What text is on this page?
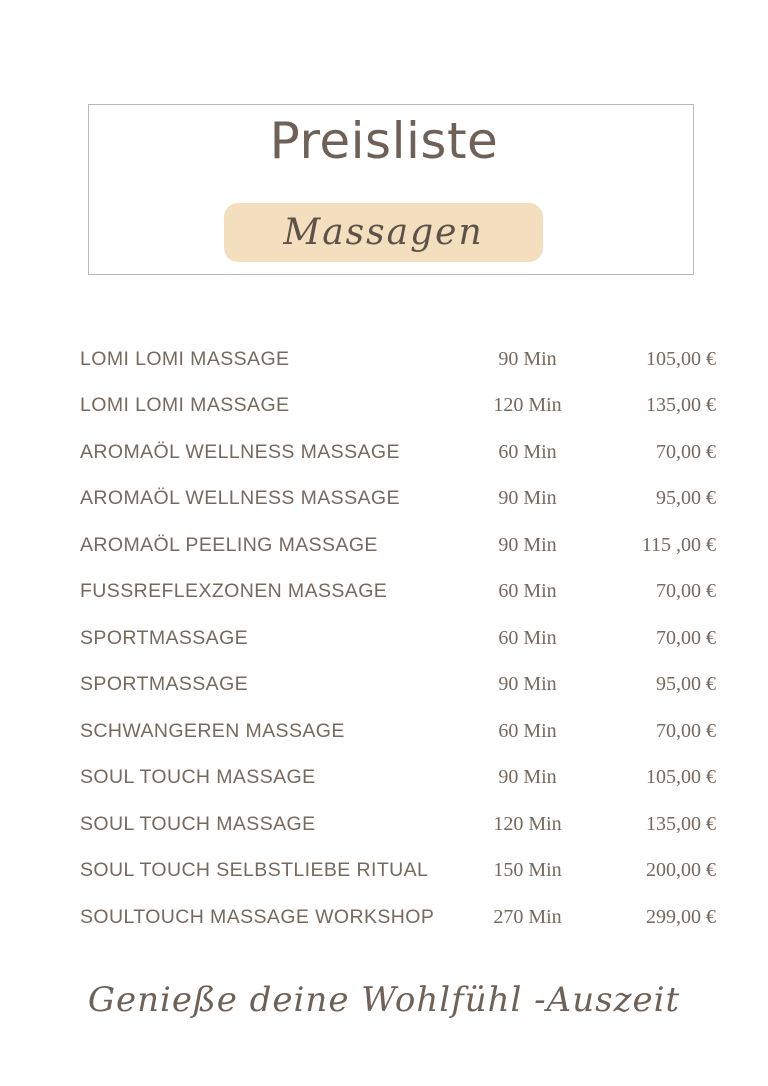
Preisliste
Massagen
LOMI LOMI MASSAGE	90 Min	105,00 €
LOMI LOMI MASSAGE	120 Min	135,00 €
AROMAÖL WELLNESS MASSAGE	60 Min	70,00 €
AROMAÖL WELLNESS MASSAGE	90 Min	95,00 €
AROMAÖL PEELING MASSAGE	90 Min	115 ,00 €
FUSSREFLEXZONEN MASSAGE	60 Min	70,00 €
SPORTMASSAGE	60 Min	70,00 €
SPORTMASSAGE	90 Min	95,00 €
SCHWANGEREN MASSAGE	60 Min	70,00 €
SOUL TOUCH MASSAGE	90 Min	105,00 €
SOUL TOUCH MASSAGE	120 Min	135,00 €
SOUL TOUCH SELBSTLIEBE RITUAL	150 Min	200,00 €
SOULTOUCH MASSAGE WORKSHOP	270 Min	299,00 €
Genieße deine Wohlfühl -Auszeit
